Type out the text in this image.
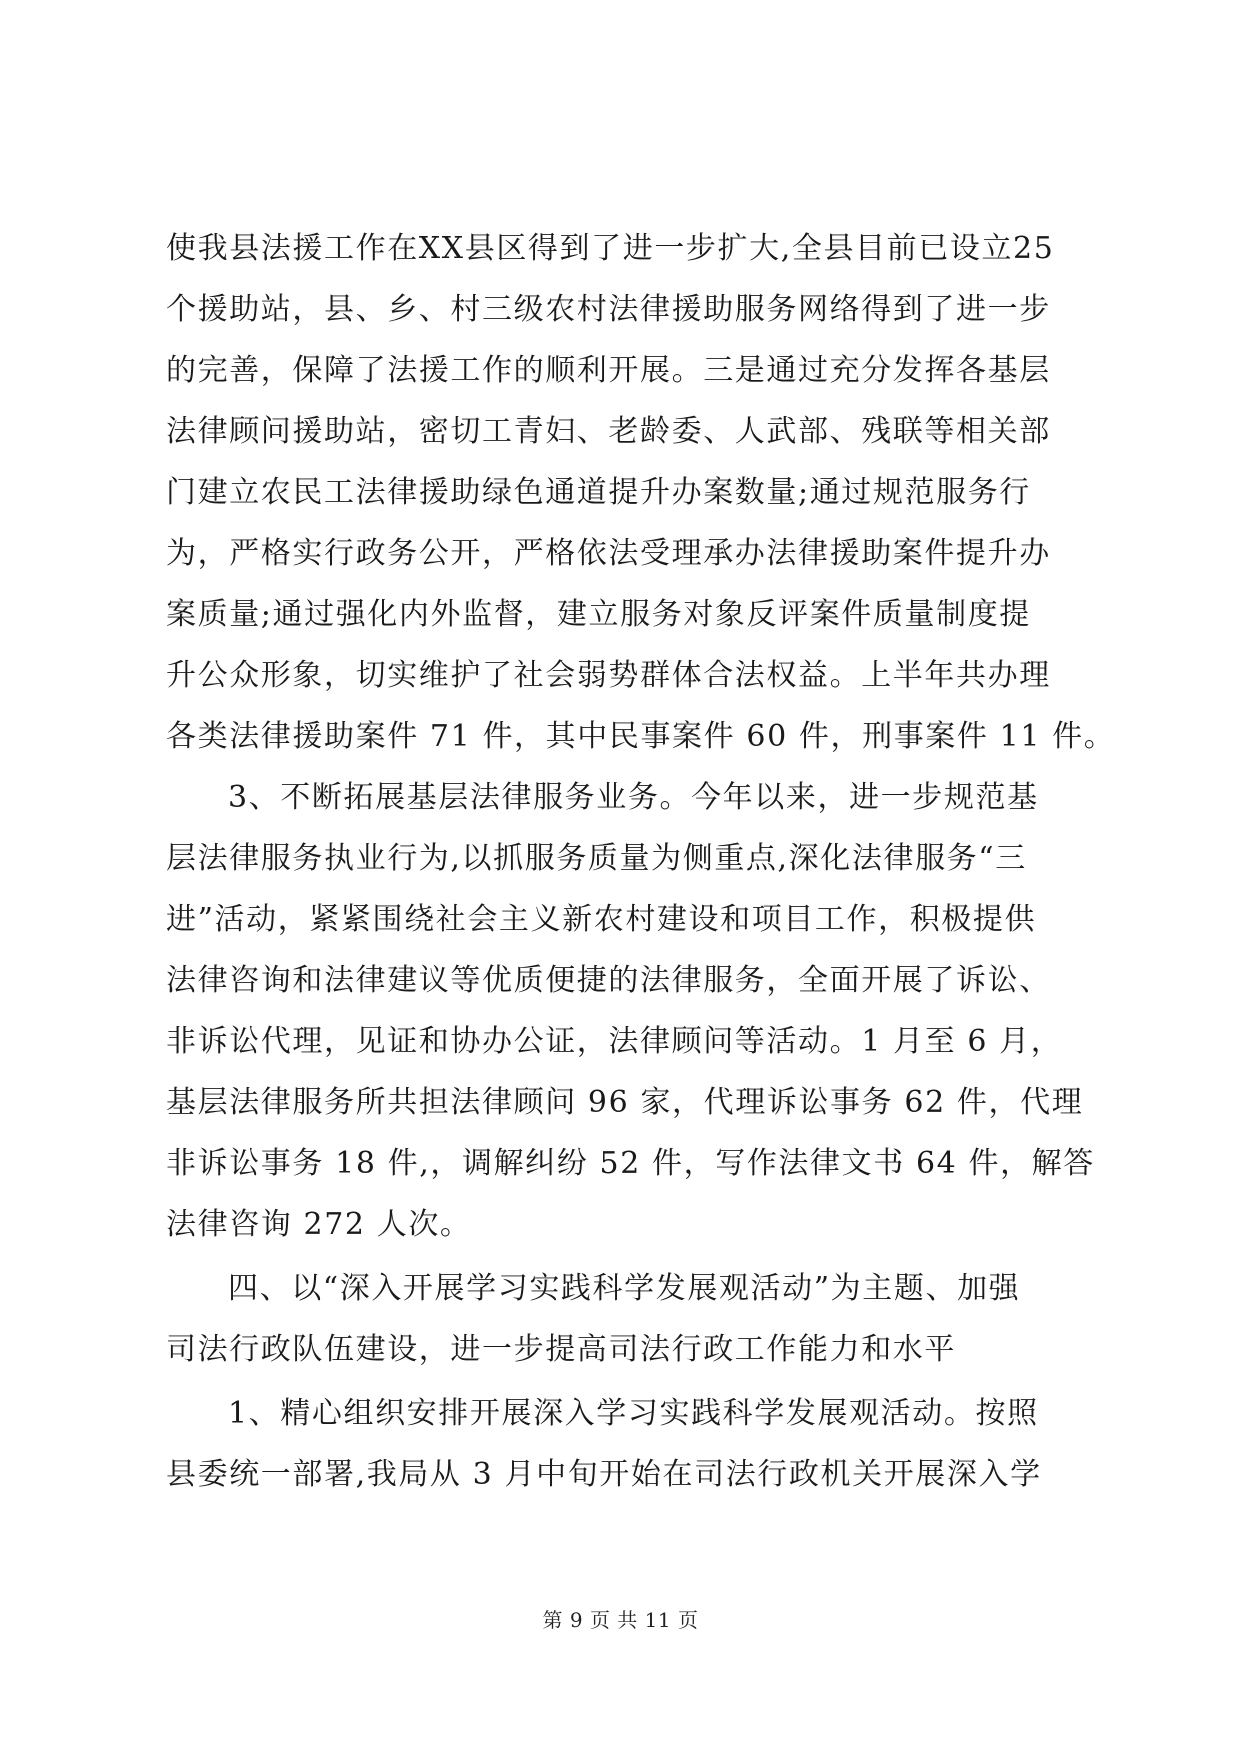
使我县法援工作在XX县区得到了进一步扩大,全县目前已设立25
个援助站，县、乡、村三级农村法律援助服务网络得到了进一步
的完善，保障了法援工作的顺利开展。三是通过充分发挥各基层
法律顾问援助站，密切工青妇、老龄委、人武部、残联等相关部
门建立农民工法律援助绿色通道提升办案数量;通过规范服务行
为，严格实行政务公开，严格依法受理承办法律援助案件提升办
案质量;通过强化内外监督，建立服务对象反评案件质量制度提
升公众形象，切实维护了社会弱势群体合法权益。上半年共办理
各类法律援助案件 71 件，其中民事案件 60 件，刑事案件 11 件。
3、不断拓展基层法律服务业务。今年以来，进一步规范基
层法律服务执业行为,以抓服务质量为侧重点,深化法律服务“三
进”活动，紧紧围绕社会主义新农村建设和项目工作，积极提供
法律咨询和法律建议等优质便捷的法律服务，全面开展了诉讼、
非诉讼代理，见证和协办公证，法律顾问等活动。1 月至 6 月，
基层法律服务所共担法律顾问 96 家，代理诉讼事务 62 件，代理
非诉讼事务 18 件,，调解纠纷 52 件，写作法律文书 64 件，解答
法律咨询 272 人次。
四、以“深入开展学习实践科学发展观活动”为主题、加强
司法行政队伍建设，进一步提高司法行政工作能力和水平
1、精心组织安排开展深入学习实践科学发展观活动。按照
县委统一部署,我局从 3 月中旬开始在司法行政机关开展深入学
第 9 页 共 11 页
